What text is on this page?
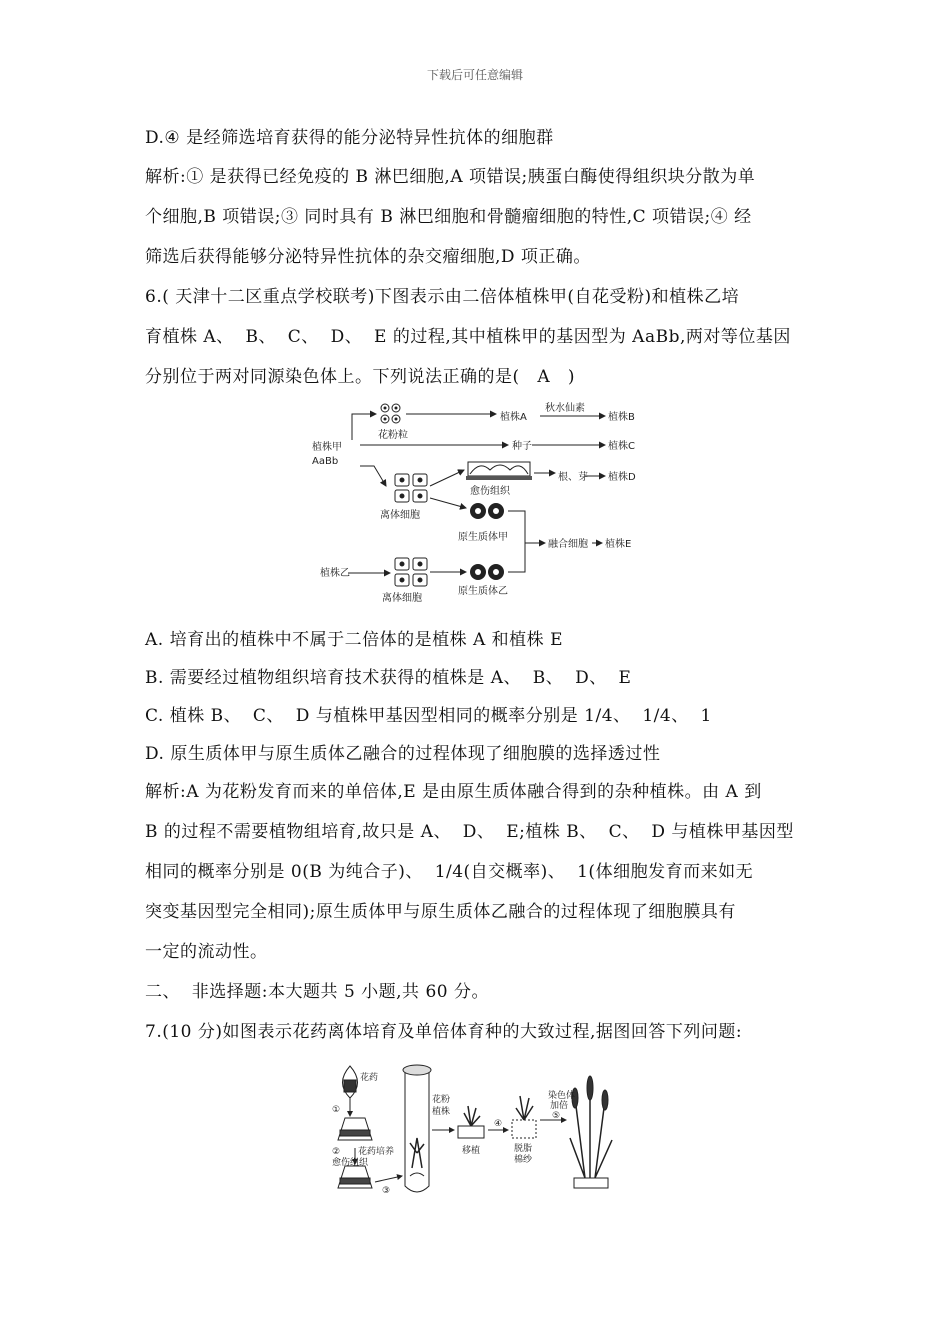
下载后可任意编辑
D.④ 是经筛选培育获得的能分泌特异性抗体的细胞群
解析:① 是获得已经免疫的 B 淋巴细胞,A 项错误;胰蛋白酶使得组织块分散为单
个细胞,B 项错误;③ 同时具有 B 淋巴细胞和骨髓瘤细胞的特性,C 项错误;④ 经
筛选后获得能够分泌特异性抗体的杂交瘤细胞,D 项正确。
6.( 天津十二区重点学校联考)下图表示由二倍体植株甲(自花受粉)和植株乙培
育植株 A、  B、  C、  D、  E 的过程,其中植株甲的基因型为 AaBb,两对等位基因
分别位于两对同源染色体上。下列说法正确的是(   A   )
植株甲
AaBb
花粉粒
植株A
秋水仙素
植株B
种子	植株C
愈伤组织
根、芽 植株D
离体细胞
原生质体甲
融合细胞 植株E
植株乙
离体细胞
原生质体乙
A. 培育出的植株中不属于二倍体的是植株 A 和植株 E
B. 需要经过植物组织培育技术获得的植株是 A、  B、  D、  E
C. 植株 B、  C、  D 与植株甲基因型相同的概率分别是 1/4、  1/4、  1
D. 原生质体甲与原生质体乙融合的过程体现了细胞膜的选择透过性
解析:A 为花粉发育而来的单倍体,E 是由原生质体融合得到的杂种植株。由 A 到
B 的过程不需要植物组培育,故只是 A、  D、  E;植株 B、  C、  D 与植株甲基因型
相同的概率分别是 0(B 为纯合子)、  1/4(自交概率)、  1(体细胞发育而来如无
突变基因型完全相同);原生质体甲与原生质体乙融合的过程体现了细胞膜具有
一定的流动性。
二、  非选择题:本大题共 5 小题,共 60 分。
7.(10 分)如图表示花药离体培育及单倍体育种的大致过程,据图回答下列问题:
花药
①
② 花药培养
愈伤组织
③
花粉
植株
④
移植	脱脂
棉纱
染色体
加倍
⑤
